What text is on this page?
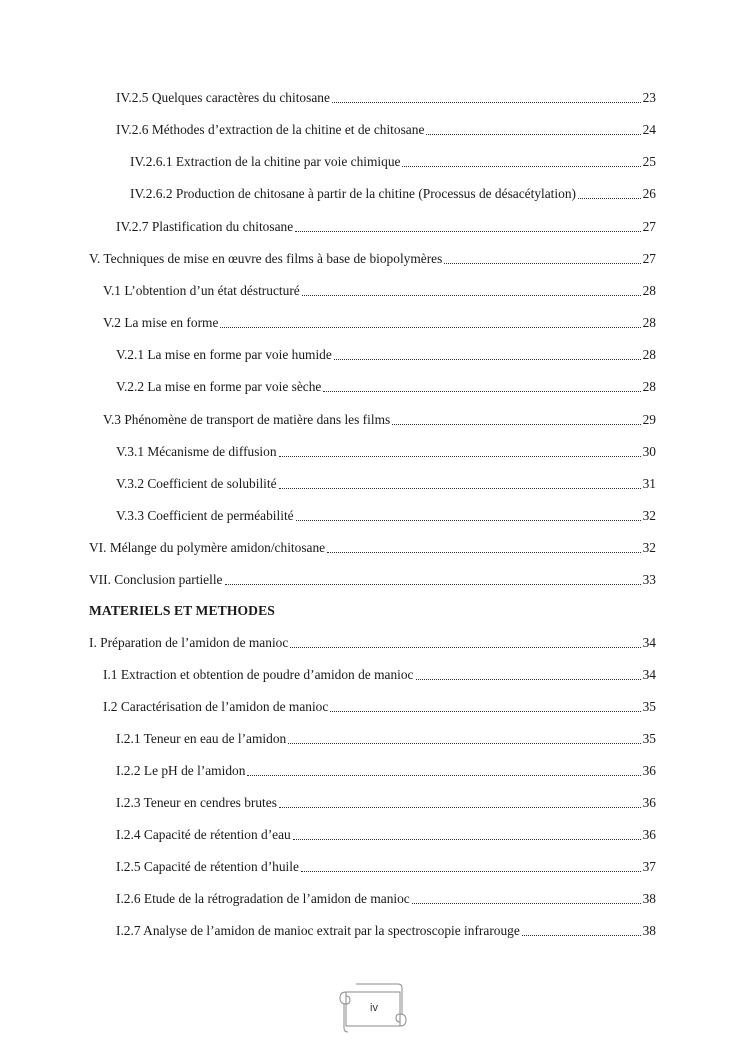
IV.2.5 Quelques caractères du chitosane	23
IV.2.6 Méthodes d’extraction de la chitine et de chitosane	24
IV.2.6.1 Extraction de la chitine par voie chimique	25
IV.2.6.2 Production de chitosane à partir de la chitine (Processus de désacétylation)	26
IV.2.7 Plastification du chitosane	27
V. Techniques de mise en œuvre des films à base de biopolymères	27
V.1 L’obtention d’un état déstructuré	28
V.2 La mise en forme	28
V.2.1 La mise en forme par voie humide	28
V.2.2 La mise en forme par voie sèche	28
V.3 Phénomène de transport de matière dans les films	29
V.3.1 Mécanisme de diffusion	30
V.3.2 Coefficient de solubilité	31
V.3.3 Coefficient de perméabilité	32
VI. Mélange du polymère amidon/chitosane	32
VII. Conclusion partielle	33
MATERIELS ET METHODES
I. Préparation de l’amidon de manioc	34
I.1 Extraction et obtention de poudre d’amidon de manioc	34
I.2 Caractérisation de l’amidon de manioc	35
I.2.1 Teneur en eau de l’amidon	35
I.2.2 Le pH de l’amidon	36
I.2.3 Teneur en cendres brutes	36
I.2.4 Capacité de rétention d’eau	36
I.2.5 Capacité de rétention d’huile	37
I.2.6 Etude de la rétrogradation de l’amidon de manioc	38
I.2.7 Analyse de l’amidon de manioc extrait par la spectroscopie infrarouge	38
iv
